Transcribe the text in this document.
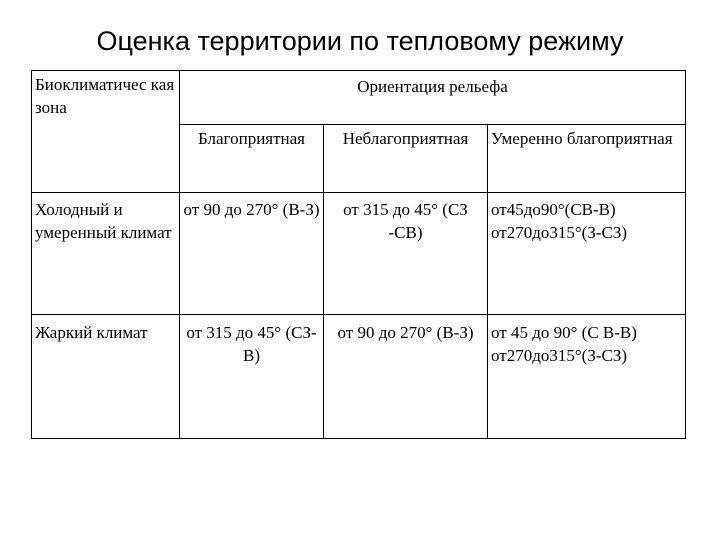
Оценка территории по тепловому режиму
Биоклиматичес кая зона	Ориентация рельефа		
	Благоприятная	Неблагоприятная	Умеренно благоприятная
Холодный и умеренный климат	от 90 до 270° (В-З)	от 315 до 45° (СЗ -СВ)	от45до90°(СВ-В) от270до315°(З-СЗ)
Жаркий климат	от 315 до 45° (СЗ-В)	от 90 до 270° (В-З)	от 45 до 90° (С В-В) от270до315°(З-СЗ)
